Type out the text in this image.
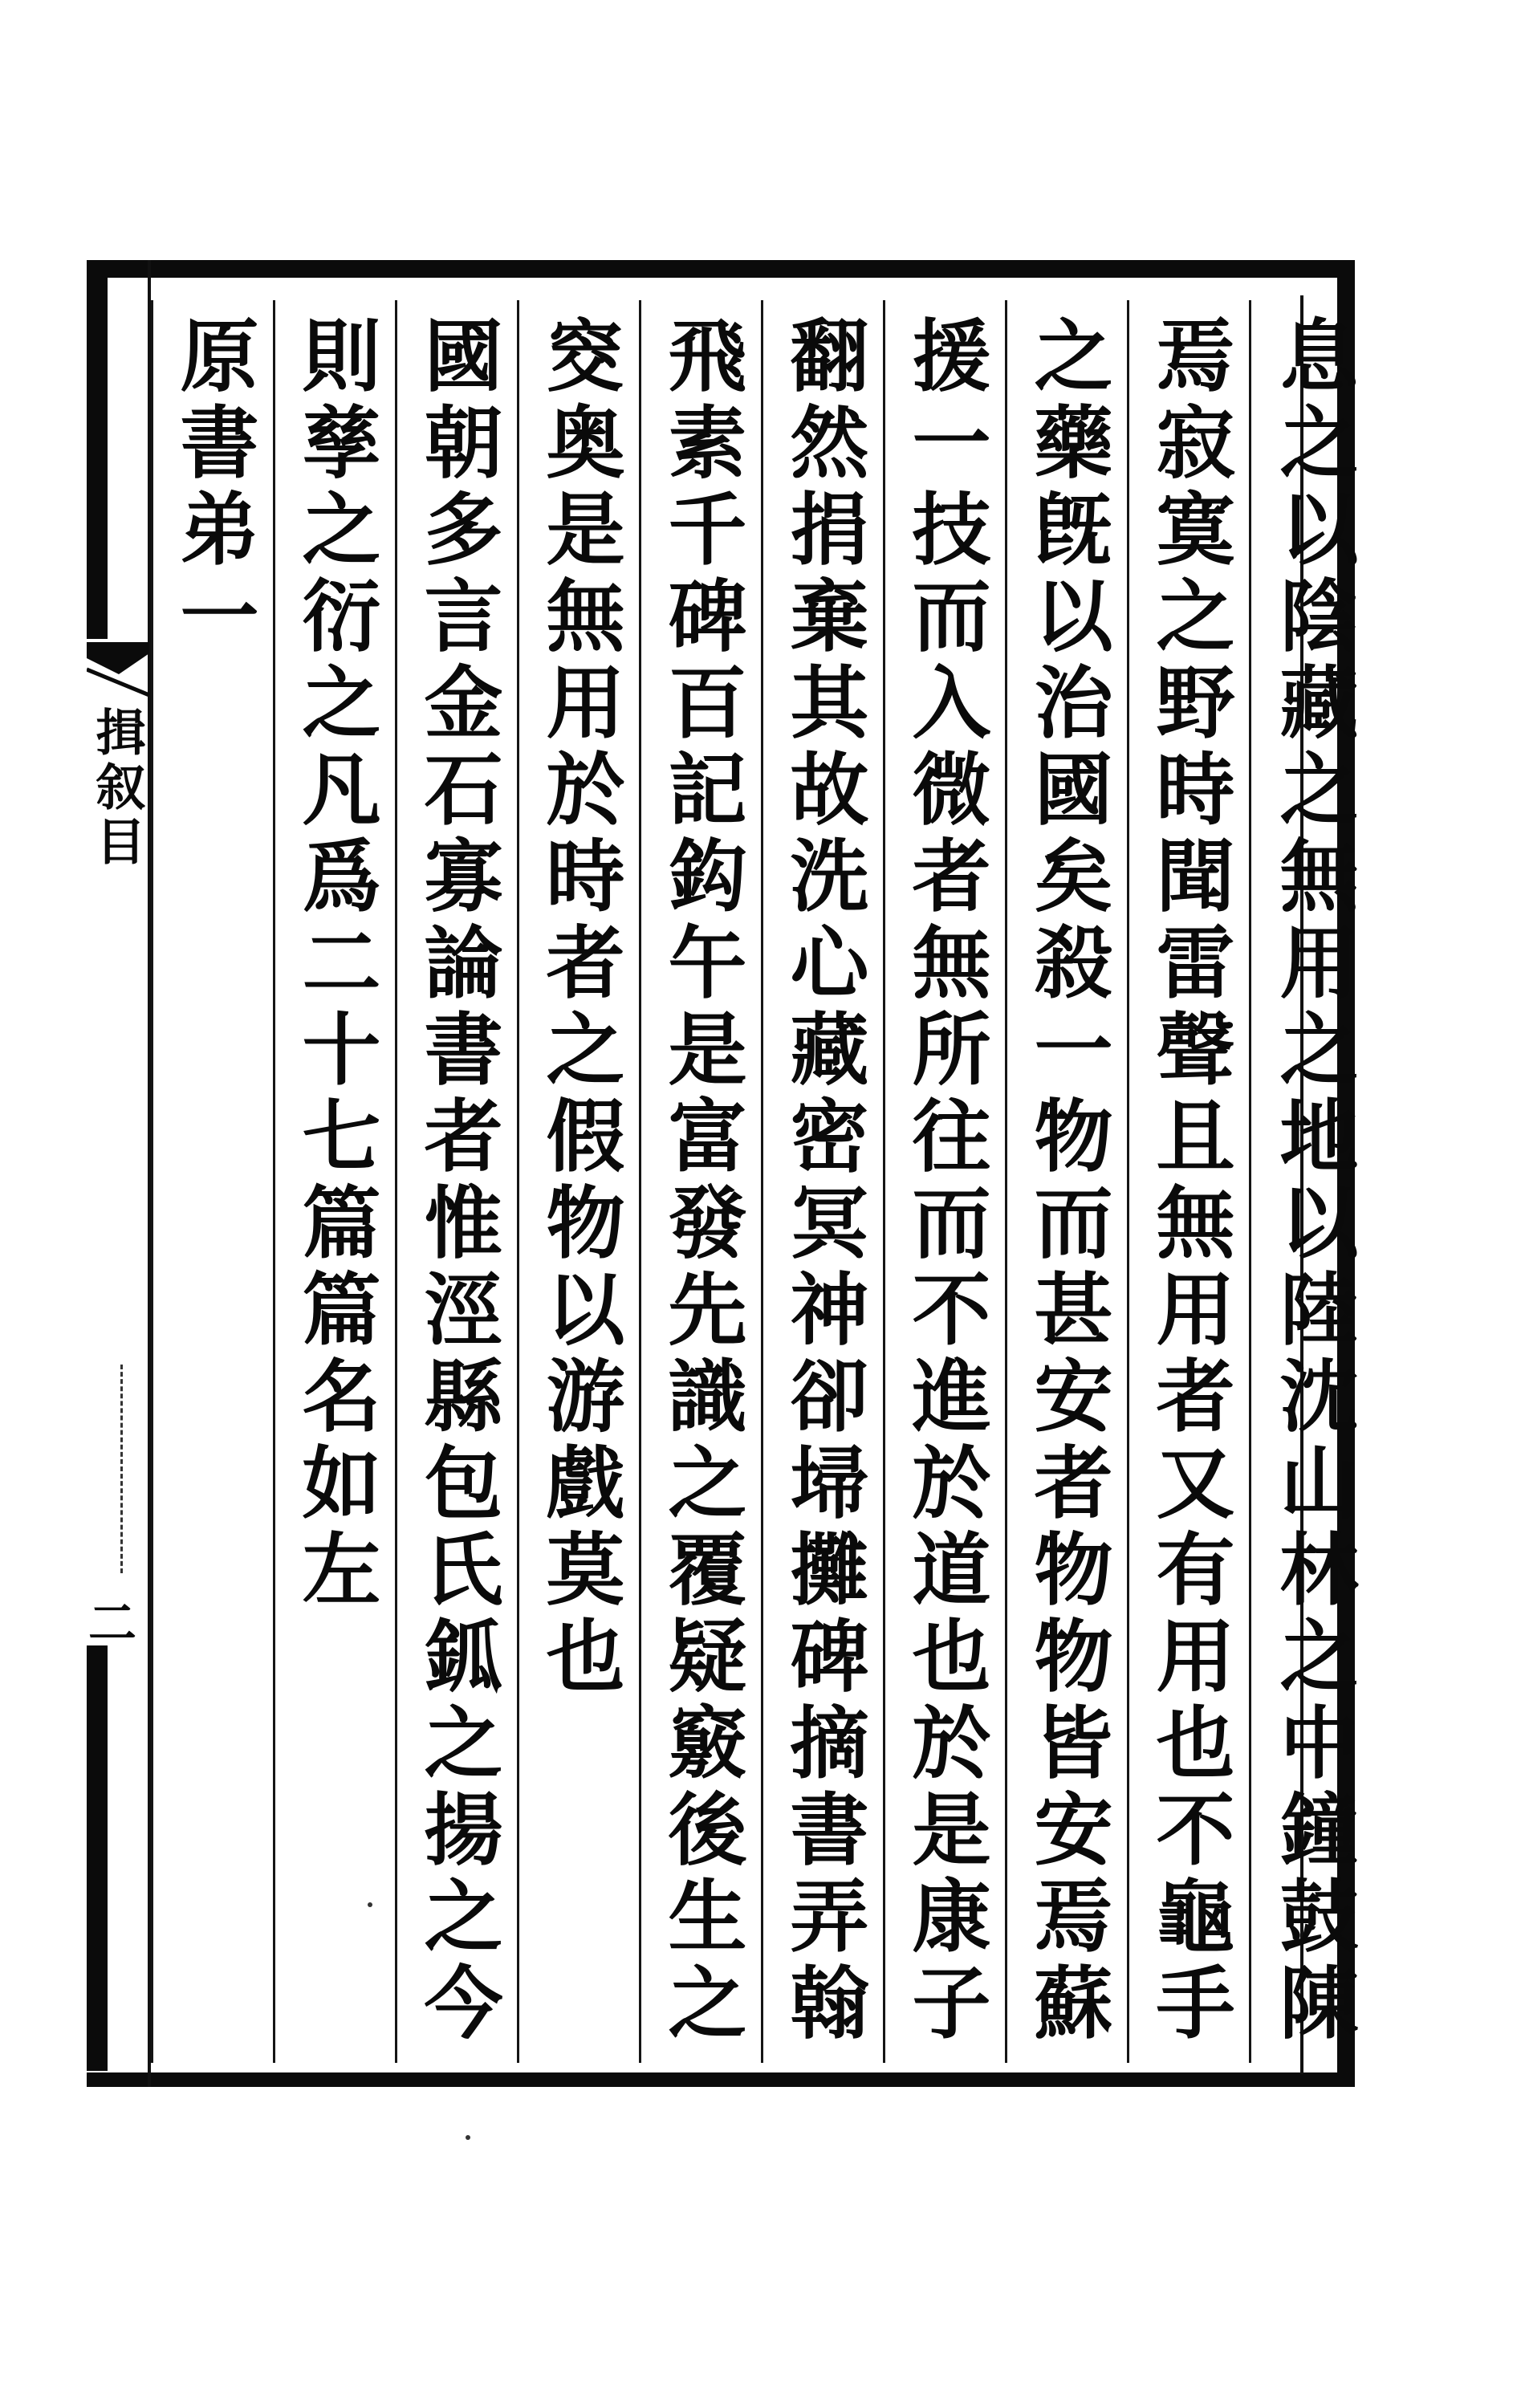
揖叙目
二	息之以陰藏之無用之地以陸沈山林之中鐘鼓陳
焉寂寞之野時聞雷聲且無用者又有用也不龜手
之藥旣以治國矣殺一物而甚安者物物皆安焉蘇
援一技而入微者無所往而不進於道也於是康子
翻然捐棄其故洗心藏密冥神卻埽攤碑摘書弄翰
飛素千碑百記鈎午是富發先識之覆疑竅後生之
窔奥是無用於時者之假物以游戲莫也
國朝多言金石寡論書者惟涇縣包氏鈲之揚之今
則孳之衍之凡爲二十七篇篇名如左
原書弟一
